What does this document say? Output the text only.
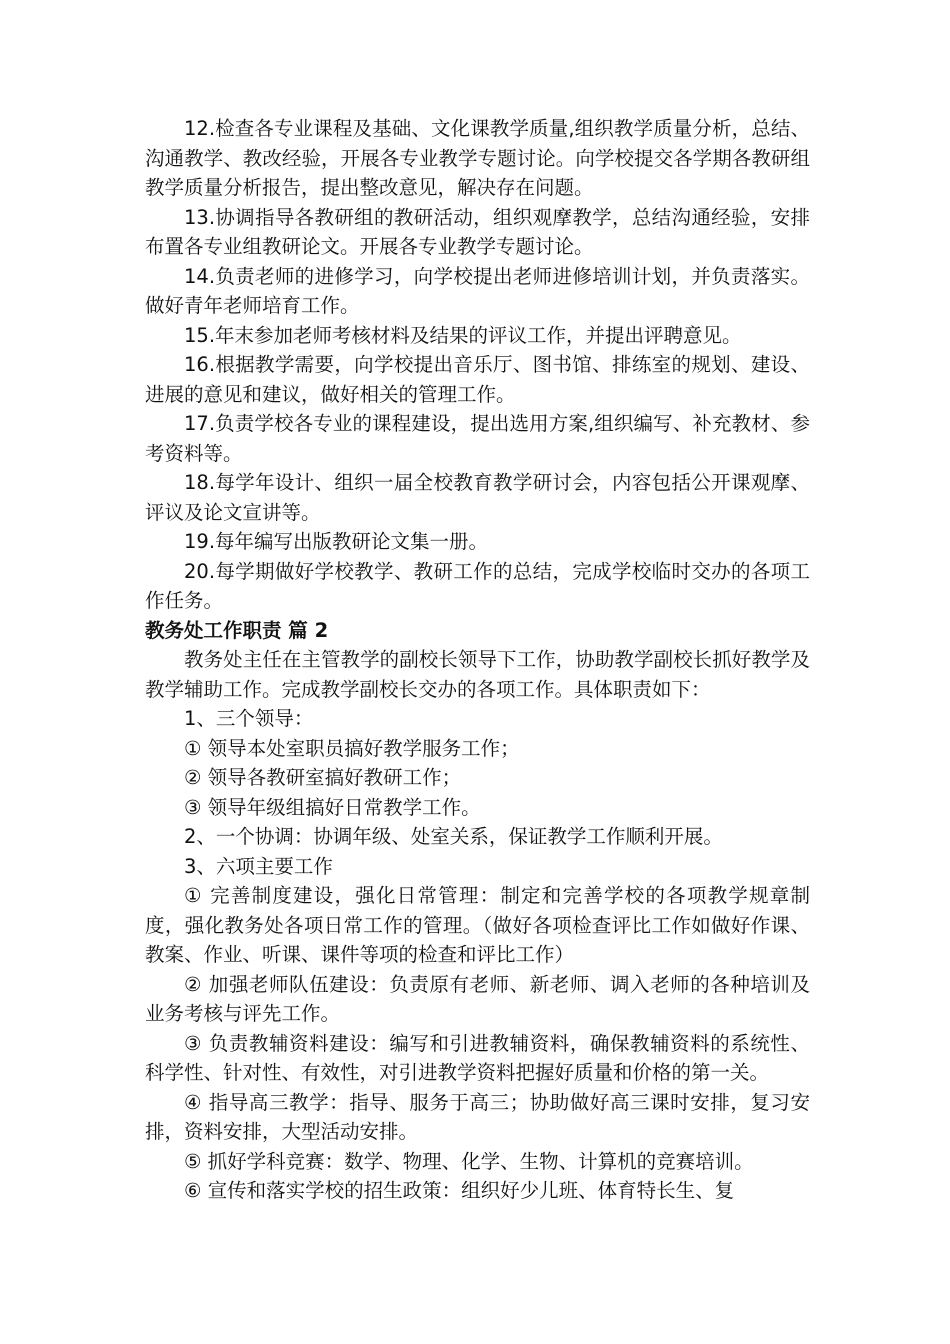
12.检查各专业课程及基础、文化课教学质量,组织教学质量分析，总结、沟通教学、教改经验，开展各专业教学专题讨论。向学校提交各学期各教研组教学质量分析报告，提出整改意见，解决存在问题。

13.协调指导各教研组的教研活动，组织观摩教学，总结沟通经验，安排布置各专业组教研论文。开展各专业教学专题讨论。

14.负责老师的进修学习，向学校提出老师进修培训计划，并负责落实。做好青年老师培育工作。

15.年末参加老师考核材料及结果的评议工作，并提出评聘意见。

16.根据教学需要，向学校提出音乐厅、图书馆、排练室的规划、建设、进展的意见和建议，做好相关的管理工作。

17.负责学校各专业的课程建设，提出选用方案,组织编写、补充教材、参考资料等。

18.每学年设计、组织一届全校教育教学研讨会，内容包括公开课观摩、评议及论文宣讲等。

19.每年编写出版教研论文集一册。

20.每学期做好学校教学、教研工作的总结，完成学校临时交办的各项工作任务。

教务处工作职责 篇 2

教务处主任在主管教学的副校长领导下工作，协助教学副校长抓好教学及教学辅助工作。完成教学副校长交办的各项工作。具体职责如下：

1、三个领导：

① 领导本处室职员搞好教学服务工作；

② 领导各教研室搞好教研工作；

③ 领导年级组搞好日常教学工作。

2、一个协调：协调年级、处室关系，保证教学工作顺利开展。

3、六项主要工作

① 完善制度建设，强化日常管理：制定和完善学校的各项教学规章制度，强化教务处各项日常工作的管理。（做好各项检查评比工作如做好作课、教案、作业、听课、课件等项的检查和评比工作）

② 加强老师队伍建设：负责原有老师、新老师、调入老师的各种培训及业务考核与评先工作。

③ 负责教辅资料建设：编写和引进教辅资料，确保教辅资料的系统性、科学性、针对性、有效性，对引进教学资料把握好质量和价格的第一关。

④ 指导高三教学：指导、服务于高三；协助做好高三课时安排，复习安排，资料安排，大型活动安排。

⑤ 抓好学科竞赛：数学、物理、化学、生物、计算机的竞赛培训。

⑥ 宣传和落实学校的招生政策：组织好少儿班、体育特长生、复
